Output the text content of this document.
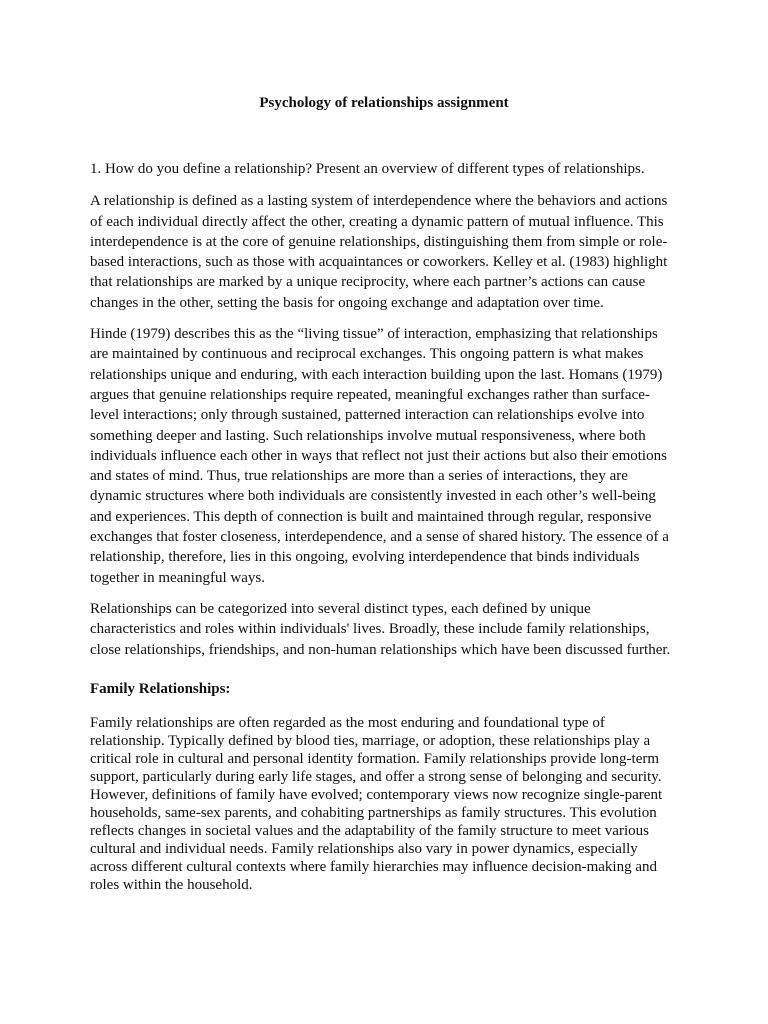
Psychology of relationships assignment

1. How do you define a relationship? Present an overview of different types of relationships.

A relationship is defined as a lasting system of interdependence where the behaviors and actions of each individual directly affect the other, creating a dynamic pattern of mutual influence. This interdependence is at the core of genuine relationships, distinguishing them from simple or role-based interactions, such as those with acquaintances or coworkers. Kelley et al. (1983) highlight that relationships are marked by a unique reciprocity, where each partner’s actions can cause changes in the other, setting the basis for ongoing exchange and adaptation over time.

Hinde (1979) describes this as the “living tissue” of interaction, emphasizing that relationships are maintained by continuous and reciprocal exchanges. This ongoing pattern is what makes relationships unique and enduring, with each interaction building upon the last. Homans (1979) argues that genuine relationships require repeated, meaningful exchanges rather than surface-level interactions; only through sustained, patterned interaction can relationships evolve into something deeper and lasting. Such relationships involve mutual responsiveness, where both individuals influence each other in ways that reflect not just their actions but also their emotions and states of mind. Thus, true relationships are more than a series of interactions, they are dynamic structures where both individuals are consistently invested in each other’s well-being and experiences. This depth of connection is built and maintained through regular, responsive exchanges that foster closeness, interdependence, and a sense of shared history. The essence of a relationship, therefore, lies in this ongoing, evolving interdependence that binds individuals together in meaningful ways.

Relationships can be categorized into several distinct types, each defined by unique characteristics and roles within individuals' lives. Broadly, these include family relationships, close relationships, friendships, and non-human relationships which have been discussed further.

Family Relationships:

Family relationships are often regarded as the most enduring and foundational type of relationship. Typically defined by blood ties, marriage, or adoption, these relationships play a critical role in cultural and personal identity formation. Family relationships provide long-term support, particularly during early life stages, and offer a strong sense of belonging and security. However, definitions of family have evolved; contemporary views now recognize single-parent households, same-sex parents, and cohabiting partnerships as family structures. This evolution reflects changes in societal values and the adaptability of the family structure to meet various cultural and individual needs. Family relationships also vary in power dynamics, especially across different cultural contexts where family hierarchies may influence decision-making and roles within the household.
